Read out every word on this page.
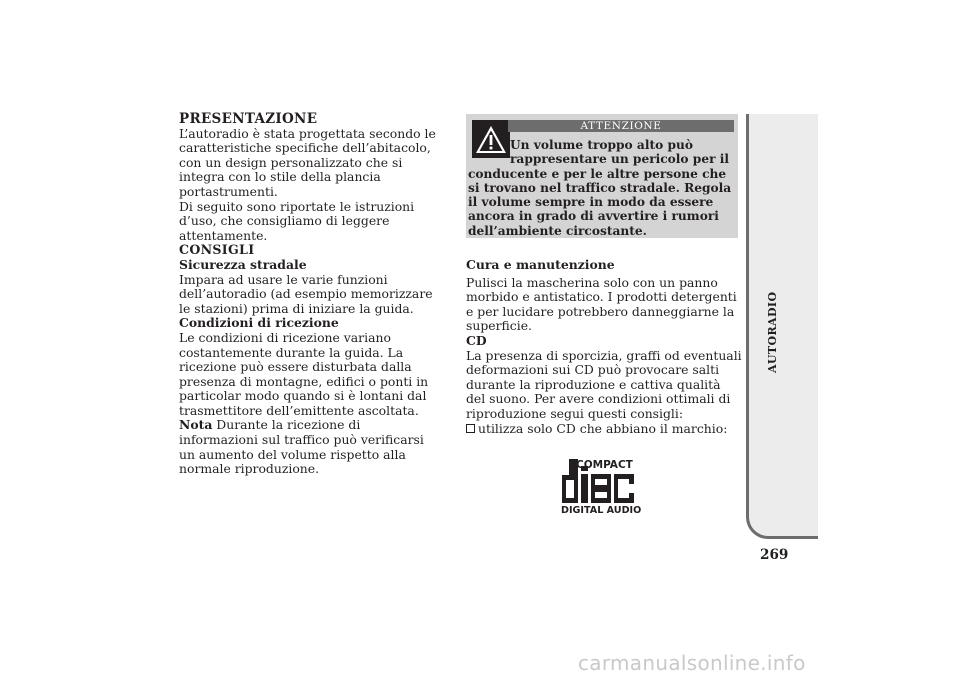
PRESENTAZIONE

L’autoradio è stata progettata secondo le caratteristiche specifiche dell’abitacolo, con un design personalizzato che si integra con lo stile della plancia portastrumenti.

Di seguito sono riportate le istruzioni d’uso, che consigliamo di leggere attentamente.

CONSIGLI

Sicurezza stradale

Impara ad usare le varie funzioni dell’autoradio (ad esempio memorizzare le stazioni) prima di iniziare la guida.

Condizioni di ricezione

Le condizioni di ricezione variano costantemente durante la guida. La ricezione può essere disturbata dalla presenza di montagne, edifici o ponti in particolar modo quando si è lontani dal trasmettitore dell’emittente ascoltata.

Nota Durante la ricezione di informazioni sul traffico può verificarsi un aumento del volume rispetto alla normale riproduzione.

ATTENZIONE
Un volume troppo alto può rappresentare un pericolo per il conducente e per le altre persone che si trovano nel traffico stradale. Regola il volume sempre in modo da essere ancora in grado di avvertire i rumori dell’ambiente circostante.

Cura e manutenzione

Pulisci la mascherina solo con un panno morbido e antistatico. I prodotti detergenti e per lucidare potrebbero danneggiarne la superficie.

CD

La presenza di sporcizia, graffi od eventuali deformazioni sui CD può provocare salti durante la riproduzione e cattiva qualità del suono. Per avere condizioni ottimali di riproduzione segui questi consigli:

utilizza solo CD che abbiano il marchio:

COMPACT
DIGITAL AUDIO
AUTORADIO
269
carmanualsonline.info
